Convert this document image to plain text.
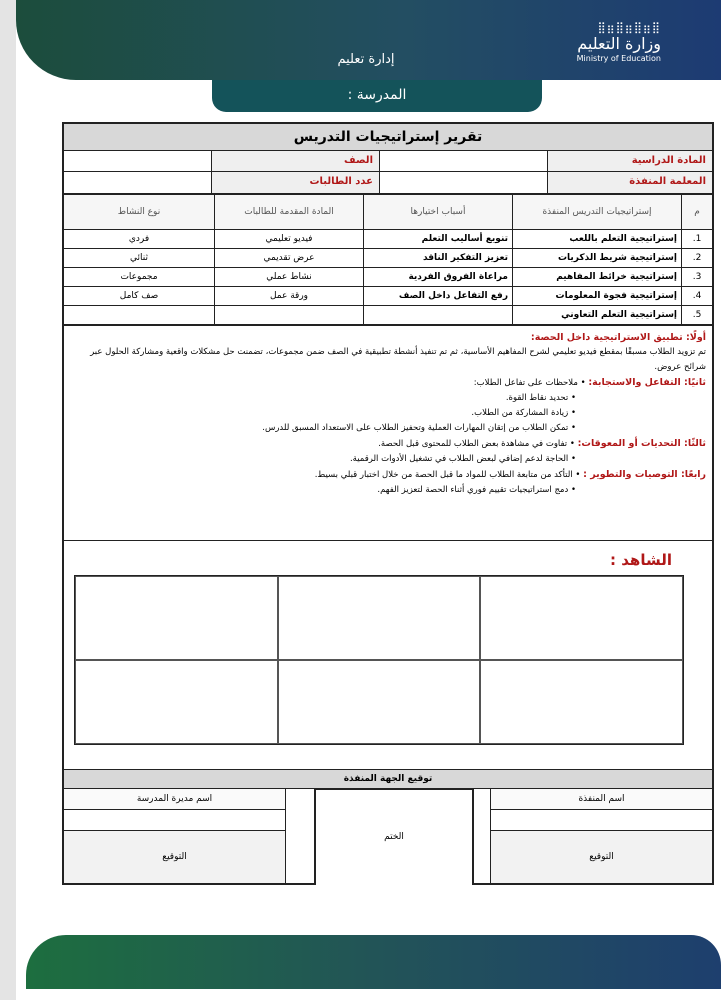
⣿⣶⣿⣶⣿⣶⣿
وزارة التعليم
Ministry of Education
إدارة تعليم
المدرسة :
تقرير إستراتيجيات التدريس
المادة الدراسية
الصف
المعلمة المنفذة
عدد الطالبات
م	إستراتيجيات التدريس المنفذة	أسباب اختيارها	المادة المقدمة للطالبات	نوع النشاط
1.	إستراتيجية التعلم باللعب	تنويع أساليب التعلم	فيديو تعليمي	فردي
2.	إستراتيجية شريط الذكريات	تعزيز التفكير الناقد	عرض تقديمي	ثنائي
3.	إستراتيجية خرائط المفاهيم	مراعاة الفروق الفردية	نشاط عملي	مجموعات
4.	إستراتيجية فجوة المعلومات	رفع التفاعل داخل الصف	ورقة عمل	صف كامل
5.	إستراتيجية التعلم التعاوني			
أولًا: تطبيق الاستراتيجية داخل الحصة:
تم تزويد الطلاب مسبقًا بمقطع فيديو تعليمي لشرح المفاهيم الأساسية، ثم تم تنفيذ أنشطة تطبيقية في الصف ضمن مجموعات، تضمنت حل مشكلات واقعية ومشاركة الحلول عبر شرائح عروض.
ثانيًا: التفاعل والاستجابة: • ملاحظات على تفاعل الطلاب:
• تحديد نقاط القوة.
• زيادة المشاركة من الطلاب.
• تمكن الطلاب من إتقان المهارات العملية وتحفيز الطلاب على الاستعداد المسبق للدرس.
ثالثًا: التحديات أو المعوقات: • تفاوت في مشاهدة بعض الطلاب للمحتوى قبل الحصة.
• الحاجة لدعم إضافي لبعض الطلاب في تشغيل الأدوات الرقمية.
رابعًا: التوصيات والتطوير : • التأكد من متابعة الطلاب للمواد ما قبل الحصة من خلال اختبار قبلي بسيط.
• دمج استراتيجيات تقييم فوري أثناء الحصة لتعزيز الفهم.
الشاهد :
توقيع الجهة المنفذة
اسم المنفذة
التوقيع
الختم
اسم مديرة المدرسة
التوقيع
